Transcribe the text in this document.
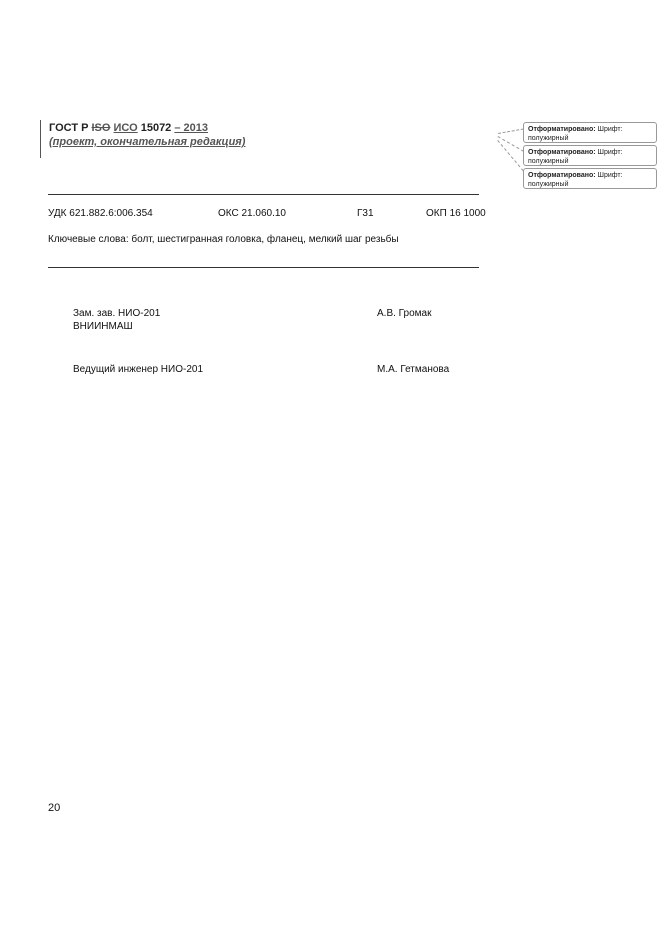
ГОСТ Р ISO ИСО 15072 – 2013
(проект, окончательная редакция)
Отформатировано: Шрифт: полужирный
Отформатировано: Шрифт: полужирный
Отформатировано: Шрифт: полужирный
УДК 621.882.6:006.354	ОКС 21.060.10	Г31	ОКП 16 1000
Ключевые слова: болт, шестигранная головка, фланец, мелкий шаг резьбы
Зам. зав. НИО-201
ВНИИНМАШ
А.В. Громак
Ведущий инженер НИО-201	М.А. Гетманова
20
